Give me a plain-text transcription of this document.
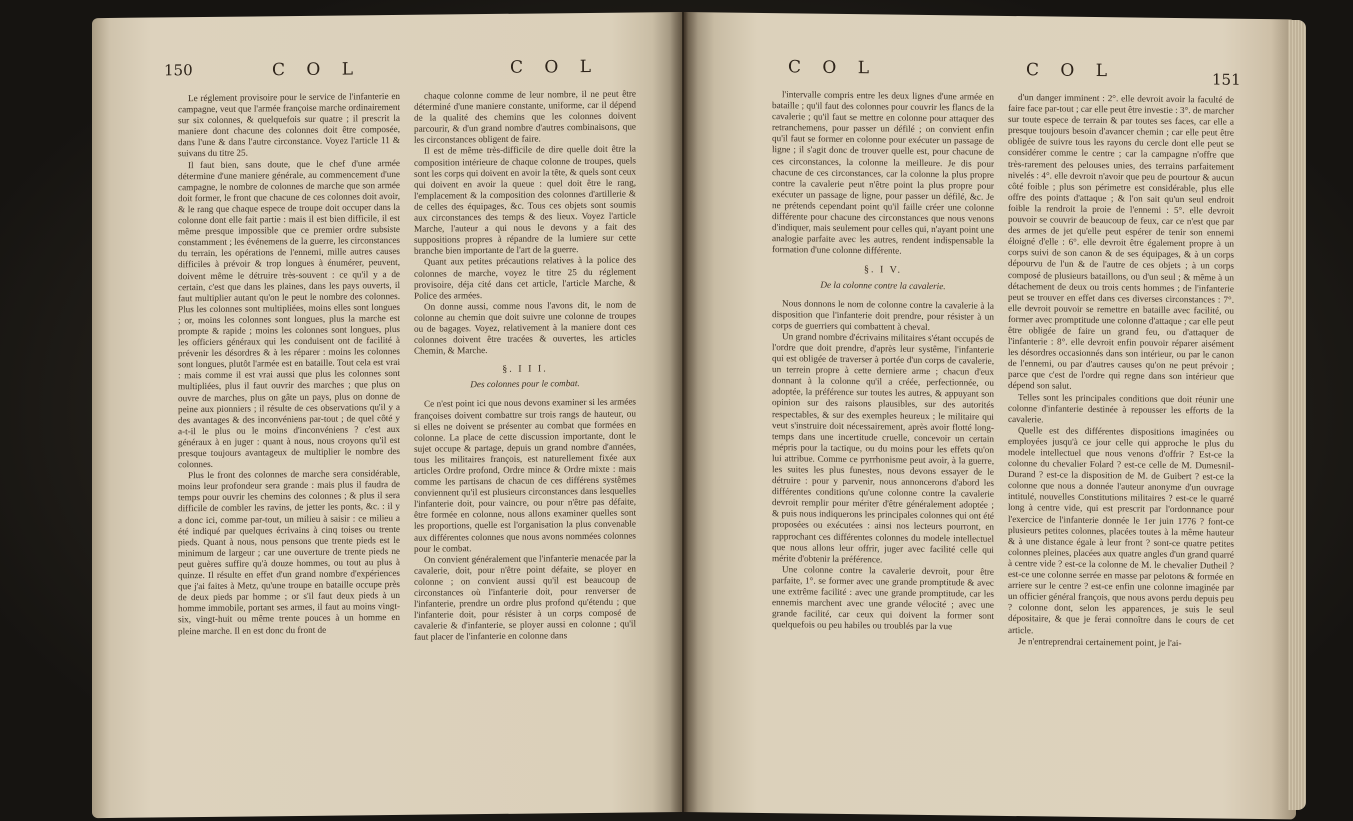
150	C O L	C O L

Le réglement provisoire pour le service de l'infanterie en campagne, veut que l'armée françoise marche ordinairement sur six colonnes, & quelquefois sur quatre ; il prescrit la maniere dont chacune des colonnes doit être composée, dans l'une & dans l'autre circonstance. Voyez l'article 11 & suivans du titre 25.

Il faut bien, sans doute, que le chef d'une armée détermine d'une maniere générale, au commencement d'une campagne, le nombre de colonnes de marche que son armée doit former, le front que chacune de ces colonnes doit avoir, & le rang que chaque espece de troupe doit occuper dans la colonne dont elle fait partie : mais il est bien difficile, il est même presque impossible que ce premier ordre subsiste constamment ; les événemens de la guerre, les circonstances du terrain, les opérations de l'ennemi, mille autres causes difficiles à prévoir & trop longues à énumérer, peuvent, doivent même le détruire très-souvent : ce qu'il y a de certain, c'est que dans les plaines, dans les pays ouverts, il faut multiplier autant qu'on le peut le nombre des colonnes. Plus les colonnes sont multipliées, moins elles sont longues ; or, moins les colonnes sont longues, plus la marche est prompte & rapide ; moins les colonnes sont longues, plus les officiers généraux qui les conduisent ont de facilité à prévenir les désordres & à les réparer : moins les colonnes sont longues, plutôt l'armée est en bataille. Tout cela est vrai : mais comme il est vrai aussi que plus les colonnes sont multipliées, plus il faut ouvrir des marches ; que plus on ouvre de marches, plus on gâte un pays, plus on donne de peine aux pionniers ; il résulte de ces observations qu'il y a des avantages & des inconvéniens par-tout ; de quel côté y a-t-il le plus ou le moins d'inconvéniens ? c'est aux généraux à en juger : quant à nous, nous croyons qu'il est presque toujours avantageux de multiplier le nombre des colonnes.

Plus le front des colonnes de marche sera considérable, moins leur profondeur sera grande : mais plus il faudra de temps pour ouvrir les chemins des colonnes ; & plus il sera difficile de combler les ravins, de jetter les ponts, &c. : il y a donc ici, comme par-tout, un milieu à saisir : ce milieu a été indiqué par quelques écrivains à cinq toises ou trente pieds. Quant à nous, nous pensons que trente pieds est le minimum de largeur ; car une ouverture de trente pieds ne peut guères suffire qu'à douze hommes, ou tout au plus à quinze. Il résulte en effet d'un grand nombre d'expériences que j'ai faites à Metz, qu'une troupe en bataille occupe près de deux pieds par homme ; or s'il faut deux pieds à un homme immobile, portant ses armes, il faut au moins vingt-six, vingt-huit ou même trente pouces à un homme en pleine marche. Il en est donc du front de

chaque colonne comme de leur nombre, il ne peut être déterminé d'une maniere constante, uniforme, car il dépend de la qualité des chemins que les colonnes doivent parcourir, & d'un grand nombre d'autres combinaisons, que les circonstances obligent de faire.

Il est de même très-difficile de dire quelle doit être la composition intérieure de chaque colonne de troupes, quels sont les corps qui doivent en avoir la tête, & quels sont ceux qui doivent en avoir la queue : quel doit être le rang, l'emplacement & la composition des colonnes d'artillerie & de celles des équipages, &c. Tous ces objets sont soumis aux circonstances des temps & des lieux. Voyez l'article Marche, l'auteur a qui nous le devons y a fait des suppositions propres à répandre de la lumiere sur cette branche bien importante de l'art de la guerre.

Quant aux petites précautions relatives à la police des colonnes de marche, voyez le titre 25 du réglement provisoire, déja cité dans cet article, l'article Marche, & Police des armées.

On donne aussi, comme nous l'avons dit, le nom de colonne au chemin que doit suivre une colonne de troupes ou de bagages. Voyez, relativement à la maniere dont ces colonnes doivent être tracées & ouvertes, les articles Chemin, & Marche.

§. I I I.

Des colonnes pour le combat.

Ce n'est point ici que nous devons examiner si les armées françoises doivent combattre sur trois rangs de hauteur, ou si elles ne doivent se présenter au combat que formées en colonne. La place de cette discussion importante, dont le sujet occupe & partage, depuis un grand nombre d'années, tous les militaires françois, est naturellement fixée aux articles Ordre profond, Ordre mince & Ordre mixte : mais comme les partisans de chacun de ces différens systêmes conviennent qu'il est plusieurs circonstances dans lesquelles l'infanterie doit, pour vaincre, ou pour n'être pas défaite, être formée en colonne, nous allons examiner quelles sont les proportions, quelle est l'organisation la plus convenable aux différentes colonnes que nous avons nommées colonnes pour le combat.

On convient généralement que l'infanterie menacée par la cavalerie, doit, pour n'être point défaite, se ployer en colonne ; on convient aussi qu'il est beaucoup de circonstances où l'infanterie doit, pour renverser de l'infanterie, prendre un ordre plus profond qu'étendu ; que l'infanterie doit, pour résister à un corps composé de cavalerie & d'infanterie, se ployer aussi en colonne ; qu'il faut placer de l'infanterie en colonne dans

C O L	C O L	151

l'intervalle compris entre les deux lignes d'une armée en bataille ; qu'il faut des colonnes pour couvrir les flancs de la cavalerie ; qu'il faut se mettre en colonne pour attaquer des retranchemens, pour passer un défilé ; on convient enfin qu'il faut se former en colonne pour exécuter un passage de ligne ; il s'agit donc de trouver quelle est, pour chacune de ces circonstances, la colonne la meilleure. Je dis pour chacune de ces circonstances, car la colonne la plus propre contre la cavalerie peut n'être point la plus propre pour exécuter un passage de ligne, pour passer un défilé, &c. Je ne prétends cependant point qu'il faille créer une colonne différente pour chacune des circonstances que nous venons d'indiquer, mais seulement pour celles qui, n'ayant point une analogie parfaite avec les autres, rendent indispensable la formation d'une colonne différente.

§. I V.

De la colonne contre la cavalerie.

Nous donnons le nom de colonne contre la cavalerie à la disposition que l'infanterie doit prendre, pour résister à un corps de guerriers qui combattent à cheval.

Un grand nombre d'écrivains militaires s'étant occupés de l'ordre que doit prendre, d'après leur systême, l'infanterie qui est obligée de traverser à portée d'un corps de cavalerie, un terrein propre à cette derniere arme ; chacun d'eux donnant à la colonne qu'il a créée, perfectionnée, ou adoptée, la préférence sur toutes les autres, & appuyant son opinion sur des raisons plausibles, sur des autorités respectables, & sur des exemples heureux ; le militaire qui veut s'instruire doit nécessairement, après avoir flotté long-temps dans une incertitude cruelle, concevoir un certain mépris pour la tactique, ou du moins pour les effets qu'on lui attribue. Comme ce pyrrhonisme peut avoir, à la guerre, les suites les plus funestes, nous devons essayer de le détruire : pour y parvenir, nous annoncerons d'abord les différentes conditions qu'une colonne contre la cavalerie devroit remplir pour mériter d'être généralement adoptée ; & puis nous indiquerons les principales colonnes qui ont été proposées ou exécutées : ainsi nos lecteurs pourront, en rapprochant ces différentes colonnes du modele intellectuel que nous allons leur offrir, juger avec facilité celle qui mérite d'obtenir la préférence.

Une colonne contre la cavalerie devroit, pour être parfaite, 1°. se former avec une grande promptitude & avec une extrême facilité : avec une grande promptitude, car les ennemis marchent avec une grande vélocité ; avec une grande facilité, car ceux qui doivent la former sont quelquefois ou peu habiles ou troublés par la vue

d'un danger imminent : 2°. elle devroit avoir la faculté de faire face par-tout ; car elle peut être investie : 3°. de marcher sur toute espece de terrain & par toutes ses faces, car elle a presque toujours besoin d'avancer chemin ; car elle peut être obligée de suivre tous les rayons du cercle dont elle peut se considérer comme le centre ; car la campagne n'offre que très-rarement des pelouses unies, des terrains parfaitement nivelés : 4°. elle devroit n'avoir que peu de pourtour & aucun côté foible ; plus son périmetre est considérable, plus elle offre des points d'attaque ; & l'on sait qu'un seul endroit foible la rendroit la proie de l'ennemi : 5°. elle devroit pouvoir se couvrir de beaucoup de feux, car ce n'est que par des armes de jet qu'elle peut espérer de tenir son ennemi éloigné d'elle : 6°. elle devroit être également propre à un corps suivi de son canon & de ses équipages, & à un corps dépourvu de l'un & de l'autre de ces objets ; à un corps composé de plusieurs bataillons, ou d'un seul ; & même à un détachement de deux ou trois cents hommes ; de l'infanterie peut se trouver en effet dans ces diverses circonstances : 7°. elle devroit pouvoir se remettre en bataille avec facilité, ou former avec promptitude une colonne d'attaque ; car elle peut être obligée de faire un grand feu, ou d'attaquer de l'infanterie : 8°. elle devroit enfin pouvoir réparer aisément les désordres occasionnés dans son intérieur, ou par le canon de l'ennemi, ou par d'autres causes qu'on ne peut prévoir ; parce que c'est de l'ordre qui regne dans son intérieur que dépend son salut.

Telles sont les principales conditions que doit réunir une colonne d'infanterie destinée à repousser les efforts de la cavalerie.

Quelle est des différentes dispositions imaginées ou employées jusqu'à ce jour celle qui approche le plus du modele intellectuel que nous venons d'offrir ? Est-ce la colonne du chevalier Folard ? est-ce celle de M. Dumesnil-Durand ? est-ce la disposition de M. de Guibert ? est-ce la colonne que nous a donnée l'auteur anonyme d'un ouvrage intitulé, nouvelles Constitutions militaires ? est-ce le quarré long à centre vide, qui est prescrit par l'ordonnance pour l'exercice de l'infanterie donnée le 1er juin 1776 ? font-ce plusieurs petites colonnes, placées toutes à la même hauteur & à une distance égale à leur front ? sont-ce quatre petites colonnes pleines, placées aux quatre angles d'un grand quarré à centre vide ? est-ce la colonne de M. le chevalier Dutheil ? est-ce une colonne serrée en masse par pelotons & formée en arriere sur le centre ? est-ce enfin une colonne imaginée par un officier général françois, que nous avons perdu depuis peu ? colonne dont, selon les apparences, je suis le seul dépositaire, & que je ferai connoître dans le cours de cet article.

Je n'entreprendrai certainement point, je l'ai-
